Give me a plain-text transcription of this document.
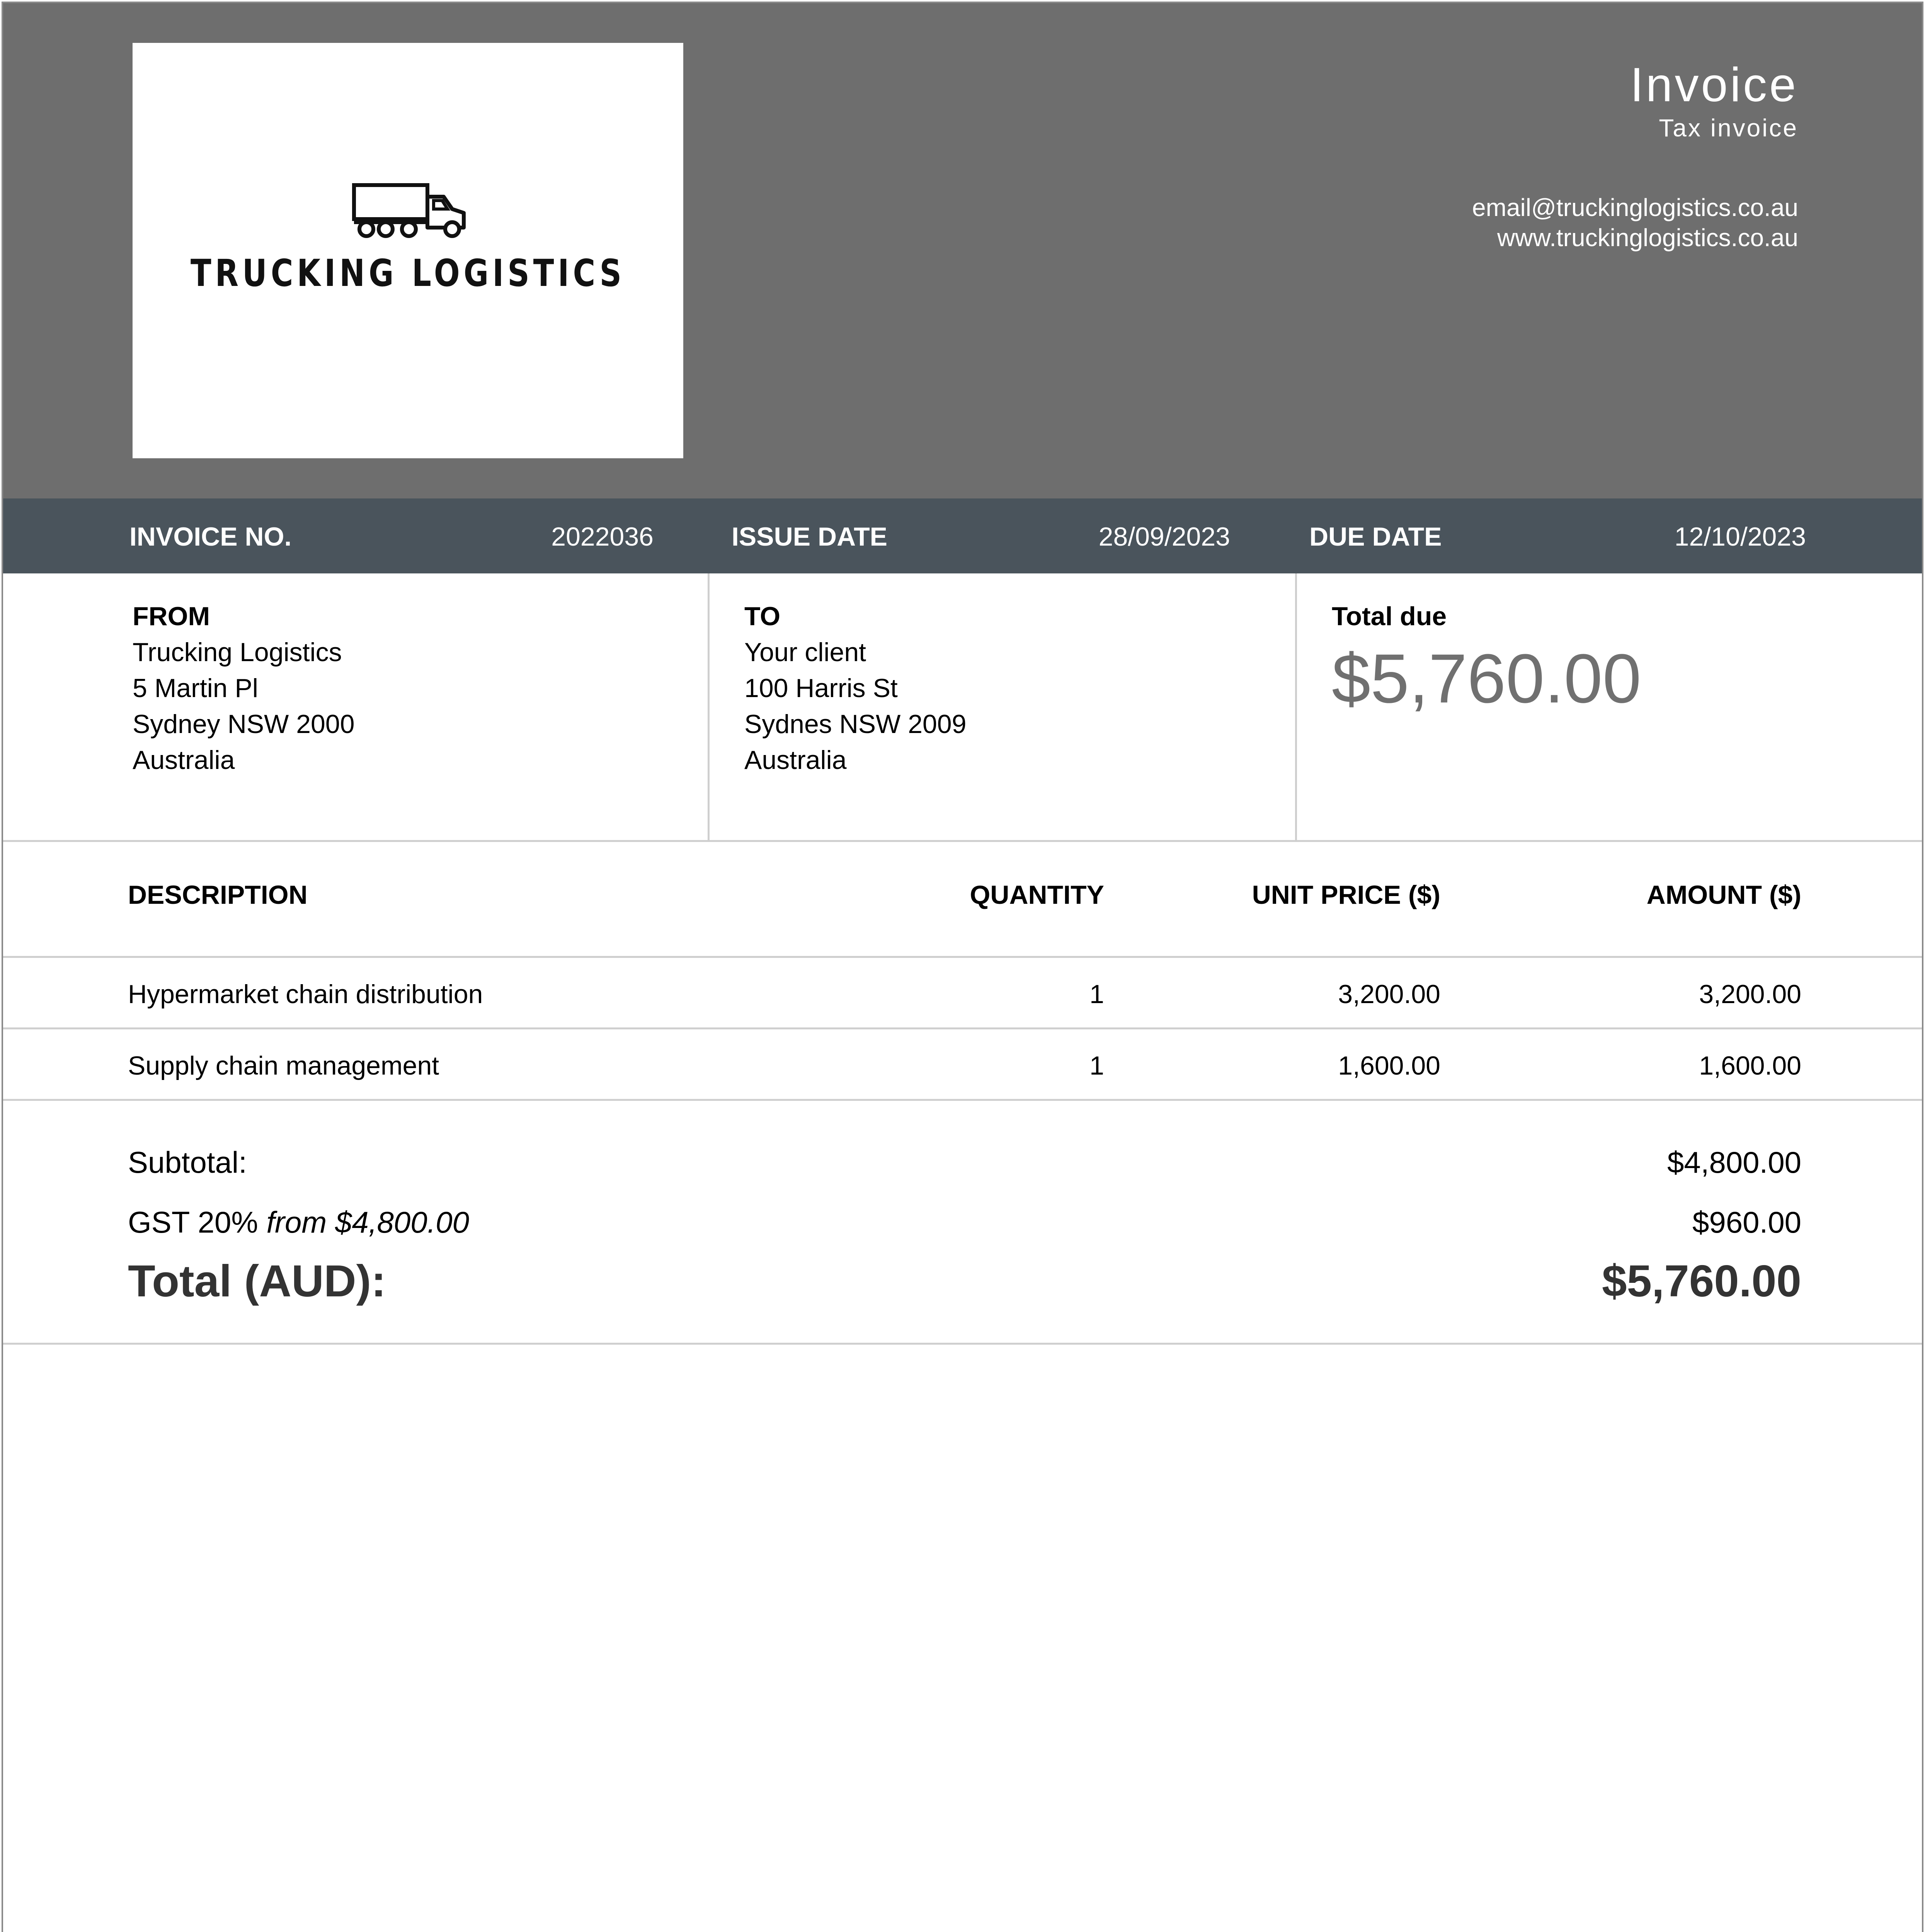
TRUCKING LOGISTICS
Invoice
Tax invoice
email@truckinglogistics.co.au
www.truckinglogistics.co.au
INVOICE NO.	2022036	ISSUE DATE	28/09/2023	DUE DATE	12/10/2023
FROM
Trucking Logistics
5 Martin Pl
Sydney NSW 2000
Australia
TO
Your client
100 Harris St
Sydnes NSW 2009
Australia
Total due
$5,760.00
DESCRIPTION	QUANTITY	UNIT PRICE ($)	AMOUNT ($)
Hypermarket chain distribution	1	3,200.00	3,200.00
Supply chain management	1	1,600.00	1,600.00
Subtotal:	$4,800.00
GST 20% from $4,800.00	$960.00
Total (AUD):	$5,760.00
